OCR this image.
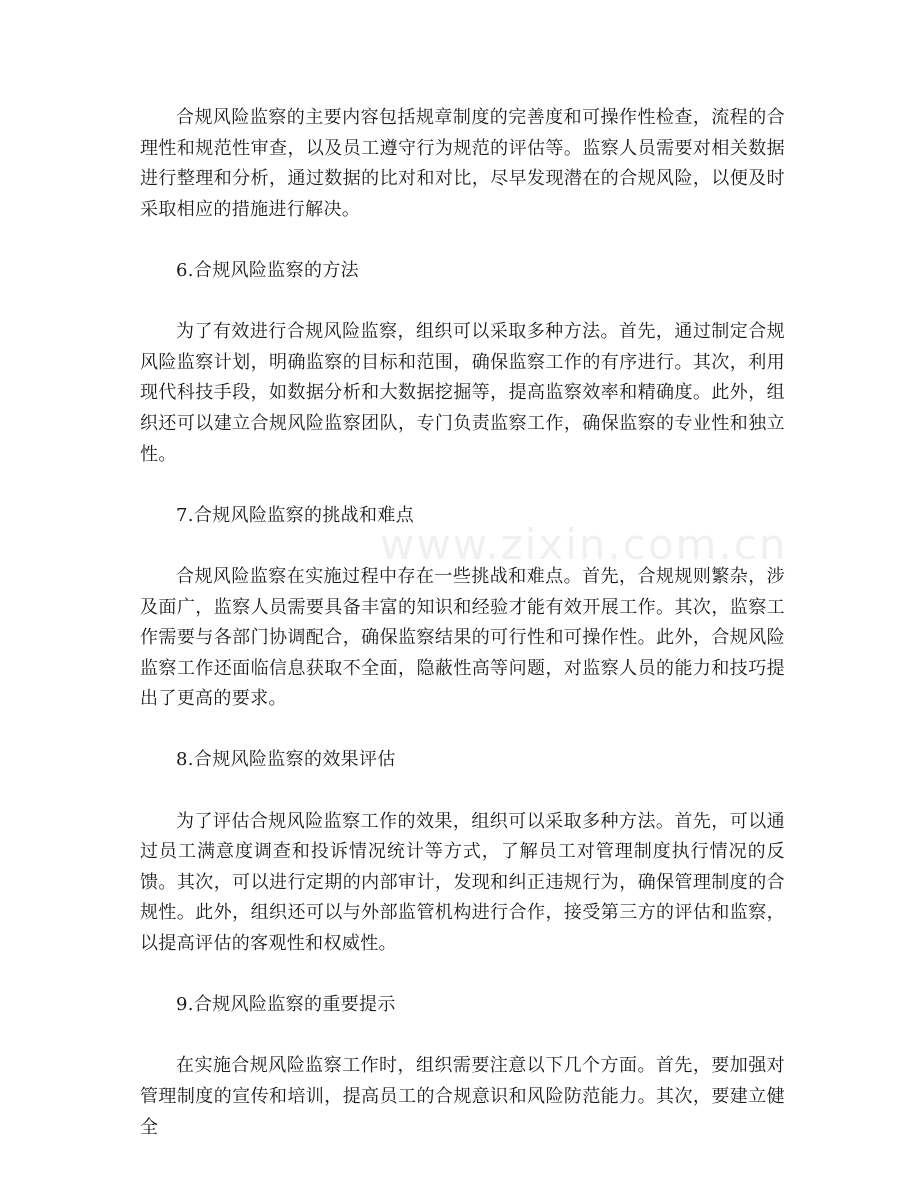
合规风险监察的主要内容包括规章制度的完善度和可操作性检查，流程的合理性和规范性审查，以及员工遵守行为规范的评估等。监察人员需要对相关数据进行整理和分析，通过数据的比对和对比，尽早发现潜在的合规风险，以便及时采取相应的措施进行解决。

6.合规风险监察的方法

为了有效进行合规风险监察，组织可以采取多种方法。首先，通过制定合规风险监察计划，明确监察的目标和范围，确保监察工作的有序进行。其次，利用现代科技手段，如数据分析和大数据挖掘等，提高监察效率和精确度。此外，组织还可以建立合规风险监察团队，专门负责监察工作，确保监察的专业性和独立性。

7.合规风险监察的挑战和难点

合规风险监察在实施过程中存在一些挑战和难点。首先，合规规则繁杂，涉及面广，监察人员需要具备丰富的知识和经验才能有效开展工作。其次，监察工作需要与各部门协调配合，确保监察结果的可行性和可操作性。此外，合规风险监察工作还面临信息获取不全面，隐蔽性高等问题，对监察人员的能力和技巧提出了更高的要求。

8.合规风险监察的效果评估

为了评估合规风险监察工作的效果，组织可以采取多种方法。首先，可以通过员工满意度调查和投诉情况统计等方式，了解员工对管理制度执行情况的反馈。其次，可以进行定期的内部审计，发现和纠正违规行为，确保管理制度的合规性。此外，组织还可以与外部监管机构进行合作，接受第三方的评估和监察，以提高评估的客观性和权威性。

9.合规风险监察的重要提示

在实施合规风险监察工作时，组织需要注意以下几个方面。首先，要加强对管理制度的宣传和培训，提高员工的合规意识和风险防范能力。其次，要建立健全

www.zixin.com.cn
